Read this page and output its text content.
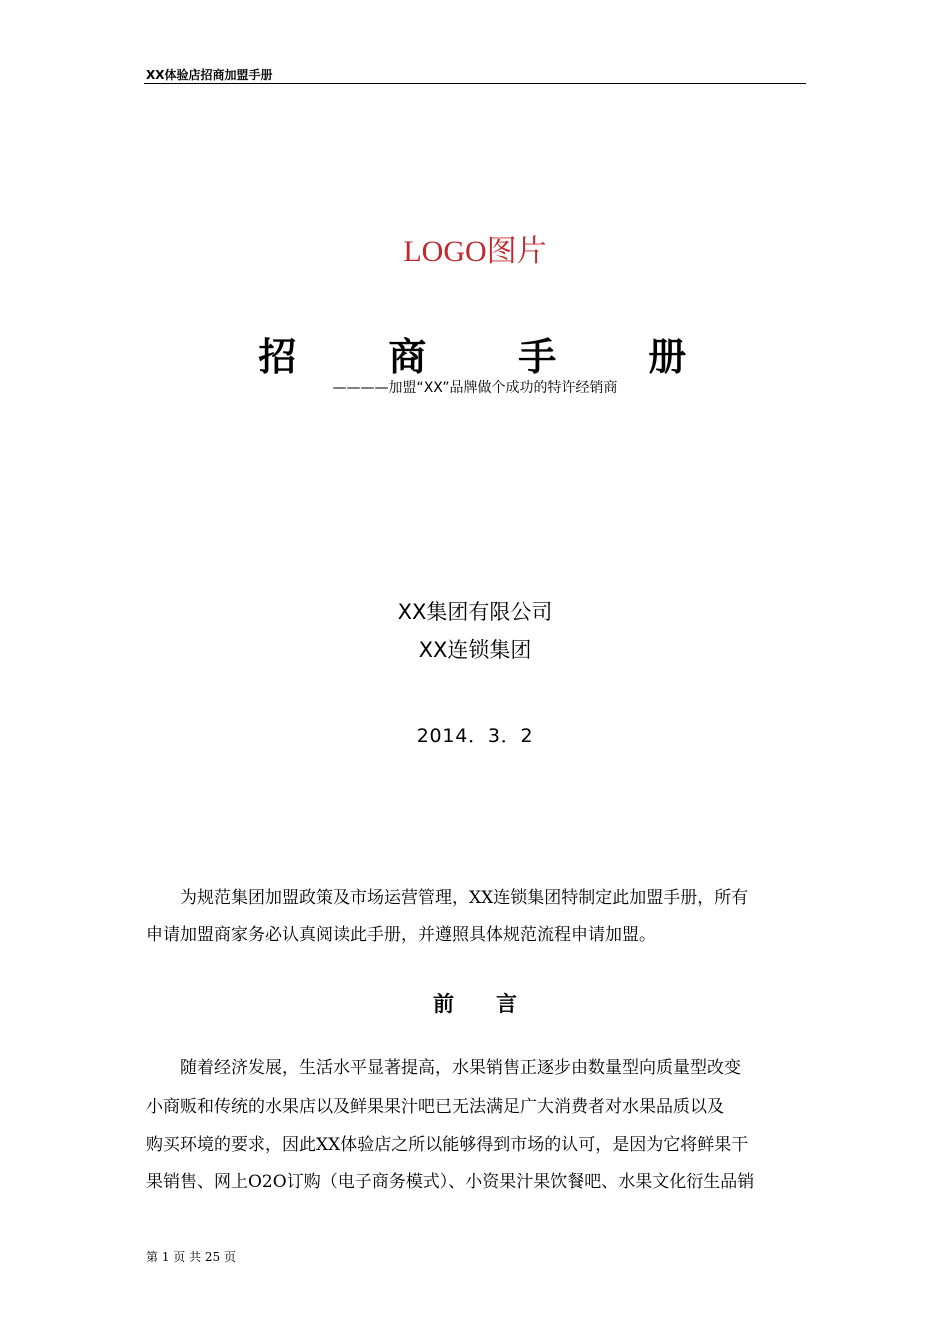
XX体验店招商加盟手册
LOGO图片
招　　商　　手　　册
————加盟“XX”品牌做个成功的特许经销商
XX集团有限公司
XX连锁集团
2014．3．2
　　为规范集团加盟政策及市场运营管理，XX连锁集团特制定此加盟手册，所有
申请加盟商家务必认真阅读此手册，并遵照具体规范流程申请加盟。
前　　言
　　随着经济发展，生活水平显著提高，水果销售正逐步由数量型向质量型改变
小商贩和传统的水果店以及鲜果果汁吧已无法满足广大消费者对水果品质以及
购买环境的要求，因此XX体验店之所以能够得到市场的认可，是因为它将鲜果干
果销售、网上O2O订购（电子商务模式）、小资果汁果饮餐吧、水果文化衍生品销
第 1 页 共 25 页
